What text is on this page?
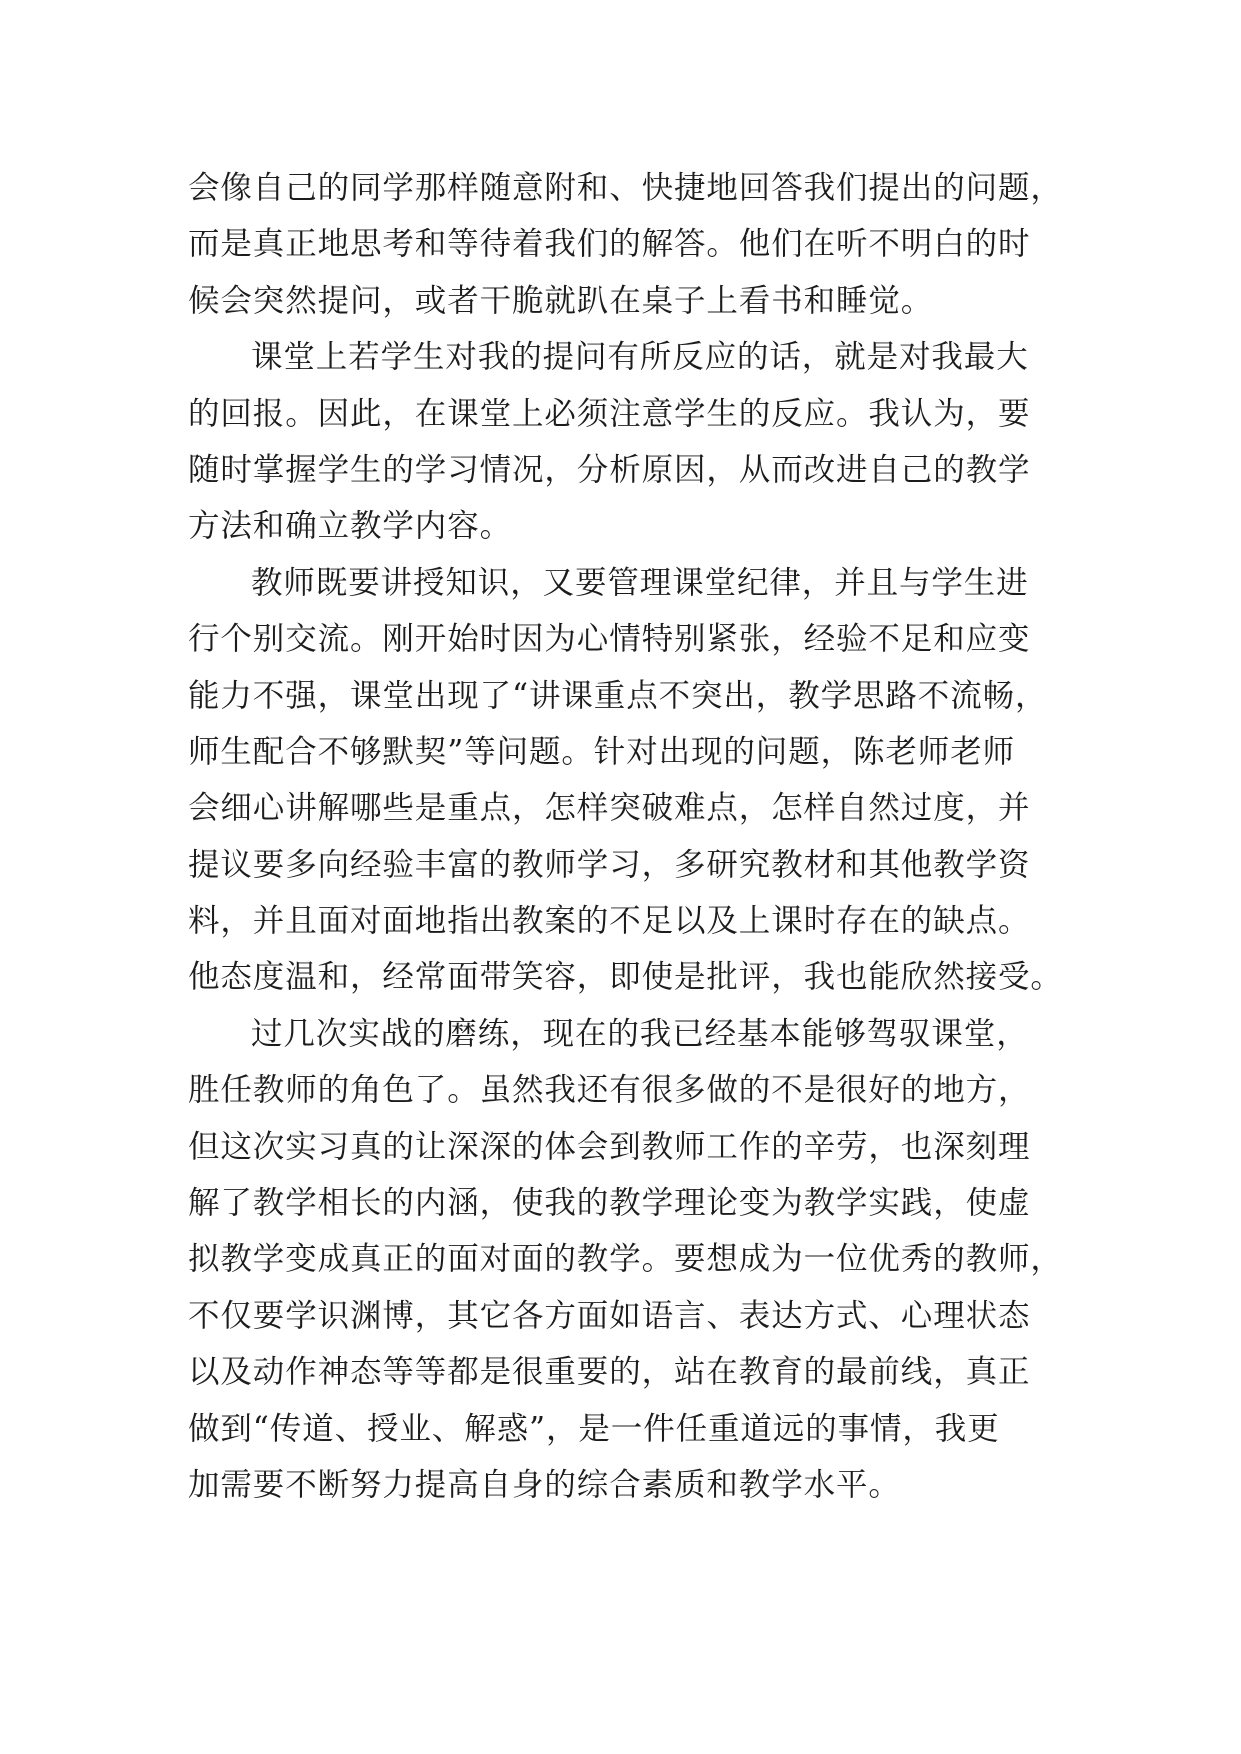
会像自己的同学那样随意附和、快捷地回答我们提出的问题，
而是真正地思考和等待着我们的解答。他们在听不明白的时
候会突然提问，或者干脆就趴在桌子上看书和睡觉。
课堂上若学生对我的提问有所反应的话，就是对我最大
的回报。因此，在课堂上必须注意学生的反应。我认为，要
随时掌握学生的学习情况，分析原因，从而改进自己的教学
方法和确立教学内容。
教师既要讲授知识，又要管理课堂纪律，并且与学生进
行个别交流。刚开始时因为心情特别紧张，经验不足和应变
能力不强，课堂出现了“讲课重点不突出，教学思路不流畅，
师生配合不够默契”等问题。针对出现的问题，陈老师老师
会细心讲解哪些是重点，怎样突破难点，怎样自然过度，并
提议要多向经验丰富的教师学习，多研究教材和其他教学资
料，并且面对面地指出教案的不足以及上课时存在的缺点。
他态度温和，经常面带笑容，即使是批评，我也能欣然接受。
过几次实战的磨练，现在的我已经基本能够驾驭课堂，
胜任教师的角色了。虽然我还有很多做的不是很好的地方，
但这次实习真的让深深的体会到教师工作的辛劳，也深刻理
解了教学相长的内涵，使我的教学理论变为教学实践，使虚
拟教学变成真正的面对面的教学。要想成为一位优秀的教师，
不仅要学识渊博，其它各方面如语言、表达方式、心理状态
以及动作神态等等都是很重要的，站在教育的最前线，真正
做到“传道、授业、解惑”，是一件任重道远的事情，我更
加需要不断努力提高自身的综合素质和教学水平。
